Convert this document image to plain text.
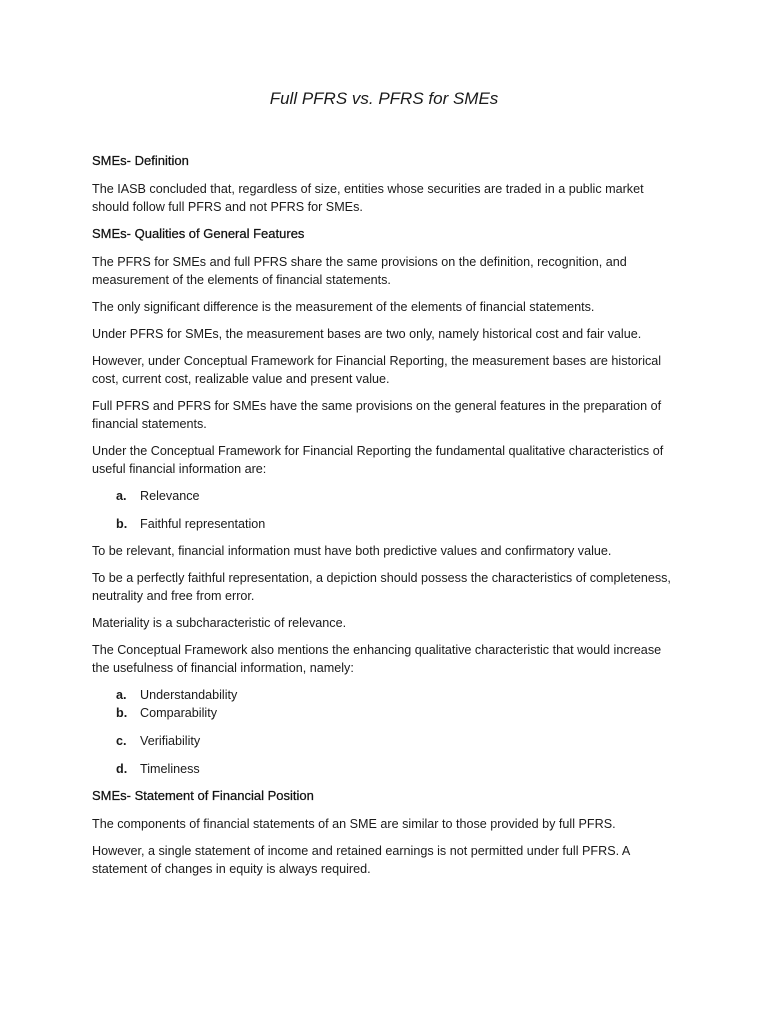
Full PFRS vs. PFRS for SMEs
SMEs- Definition

The IASB concluded that, regardless of size, entities whose securities are traded in a public market should follow full PFRS and not PFRS for SMEs.

SMEs- Qualities of General Features

The PFRS for SMEs and full PFRS share the same provisions on the definition, recognition, and measurement of the elements of financial statements.

The only significant difference is the measurement of the elements of financial statements.

Under PFRS for SMEs, the measurement bases are two only, namely historical cost and fair value.

However, under Conceptual Framework for Financial Reporting, the measurement bases are historical cost, current cost, realizable value and present value.

Full PFRS and PFRS for SMEs have the same provisions on the general features in the preparation of financial statements.

Under the Conceptual Framework for Financial Reporting the fundamental qualitative characteristics of useful financial information are:

a. Relevance
b. Faithful representation

To be relevant, financial information must have both predictive values and confirmatory value.

To be a perfectly faithful representation, a depiction should possess the characteristics of completeness, neutrality and free from error.

Materiality is a subcharacteristic of relevance.

The Conceptual Framework also mentions the enhancing qualitative characteristic that would increase the usefulness of financial information, namely:

a. Understandability
b. Comparability
c. Verifiability
d. Timeliness
SMEs- Statement of Financial Position

The components of financial statements of an SME are similar to those provided by full PFRS.

However, a single statement of income and retained earnings is not permitted under full PFRS. A statement of changes in equity is always required.
